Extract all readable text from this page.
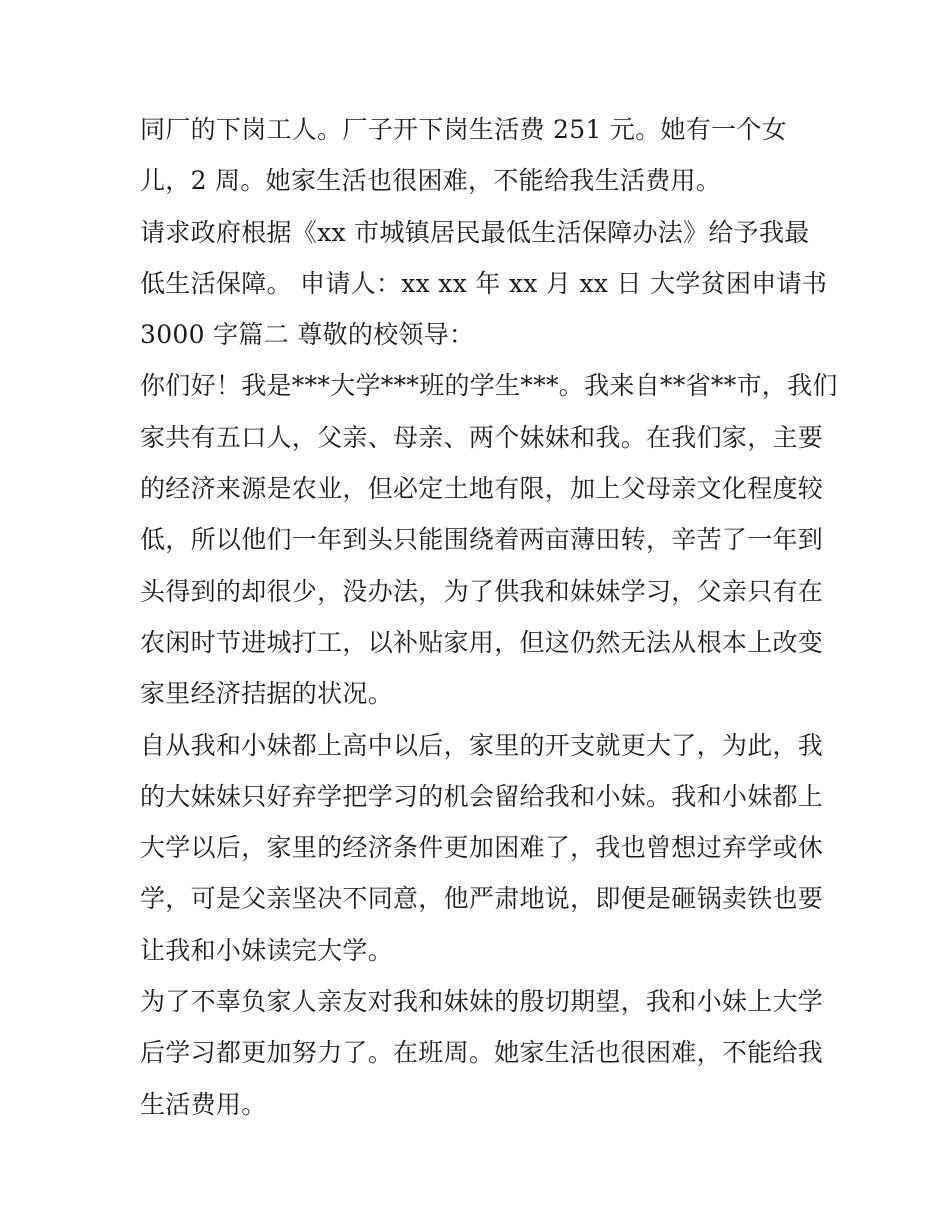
同厂的下岗工人。厂子开下岗生活费 251 元。她有一个女
儿，2 周。她家生活也很困难，不能给我生活费用。
请求政府根据《xx 市城镇居民最低生活保障办法》给予我最
低生活保障。 申请人：xx xx 年 xx 月 xx 日 大学贫困申请书
3000 字篇二 尊敬的校领导：
你们好！我是***大学***班的学生***。我来自**省**市，我们
家共有五口人，父亲、母亲、两个妹妹和我。在我们家，主要
的经济来源是农业，但必定土地有限，加上父母亲文化程度较
低，所以他们一年到头只能围绕着两亩薄田转，辛苦了一年到
头得到的却很少，没办法，为了供我和妹妹学习，父亲只有在
农闲时节进城打工，以补贴家用，但这仍然无法从根本上改变
家里经济拮据的状况。
自从我和小妹都上高中以后，家里的开支就更大了，为此，我
的大妹妹只好弃学把学习的机会留给我和小妹。我和小妹都上
大学以后，家里的经济条件更加困难了，我也曾想过弃学或休
学，可是父亲坚决不同意，他严肃地说，即便是砸锅卖铁也要
让我和小妹读完大学。
为了不辜负家人亲友对我和妹妹的殷切期望，我和小妹上大学
后学习都更加努力了。在班周。她家生活也很困难，不能给我
生活费用。
